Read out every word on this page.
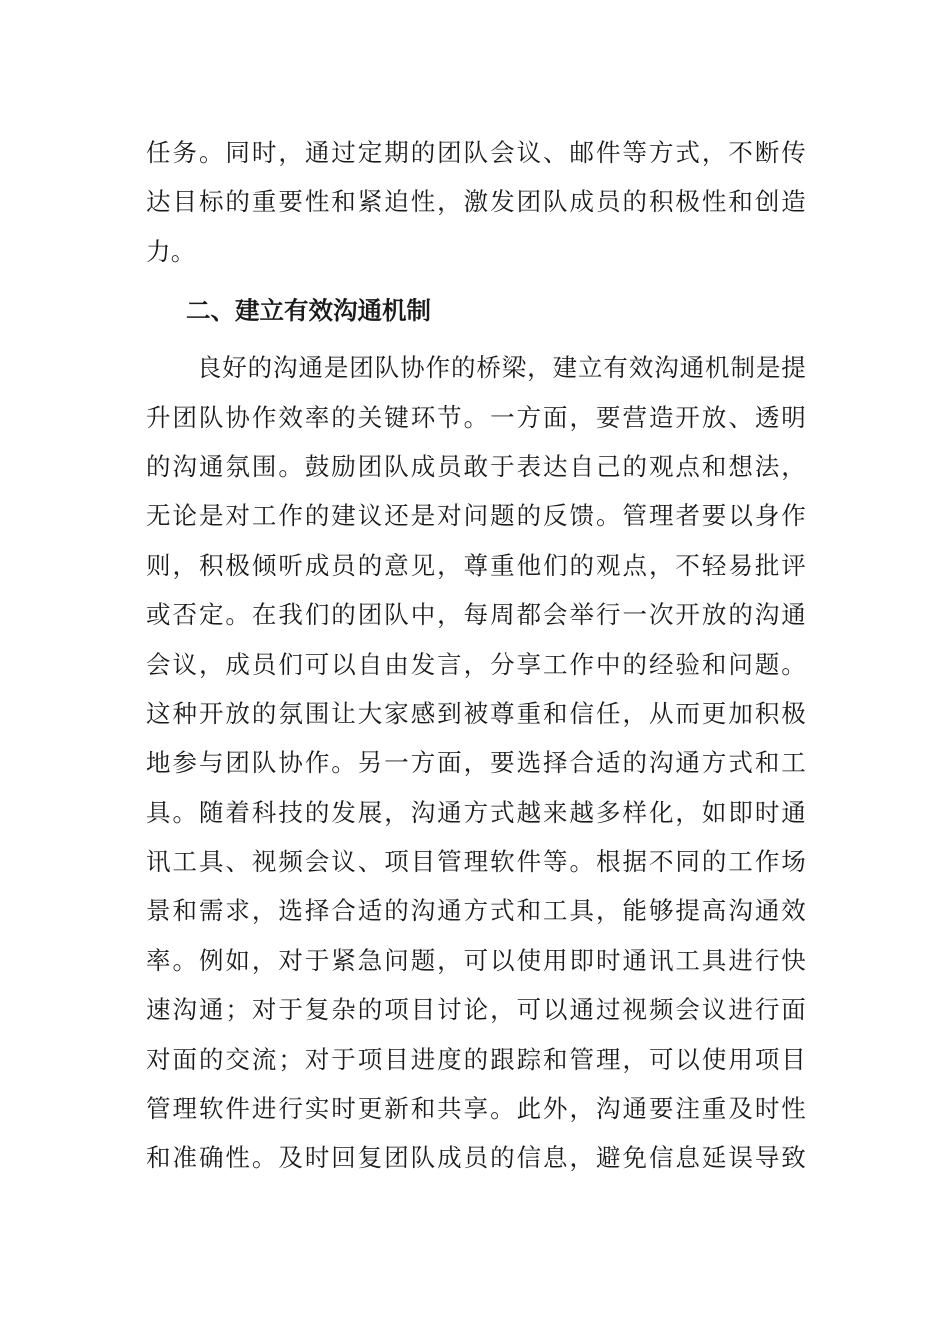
任务。同时，通过定期的团队会议、邮件等方式，不断传
达目标的重要性和紧迫性，激发团队成员的积极性和创造
力。
二、建立有效沟通机制
　　良好的沟通是团队协作的桥梁，建立有效沟通机制是提
升团队协作效率的关键环节。一方面，要营造开放、透明
的沟通氛围。鼓励团队成员敢于表达自己的观点和想法，
无论是对工作的建议还是对问题的反馈。管理者要以身作
则，积极倾听成员的意见，尊重他们的观点，不轻易批评
或否定。在我们的团队中，每周都会举行一次开放的沟通
会议，成员们可以自由发言，分享工作中的经验和问题。
这种开放的氛围让大家感到被尊重和信任，从而更加积极
地参与团队协作。另一方面，要选择合适的沟通方式和工
具。随着科技的发展，沟通方式越来越多样化，如即时通
讯工具、视频会议、项目管理软件等。根据不同的工作场
景和需求，选择合适的沟通方式和工具，能够提高沟通效
率。例如，对于紧急问题，可以使用即时通讯工具进行快
速沟通；对于复杂的项目讨论，可以通过视频会议进行面
对面的交流；对于项目进度的跟踪和管理，可以使用项目
管理软件进行实时更新和共享。此外，沟通要注重及时性
和准确性。及时回复团队成员的信息，避免信息延误导致
